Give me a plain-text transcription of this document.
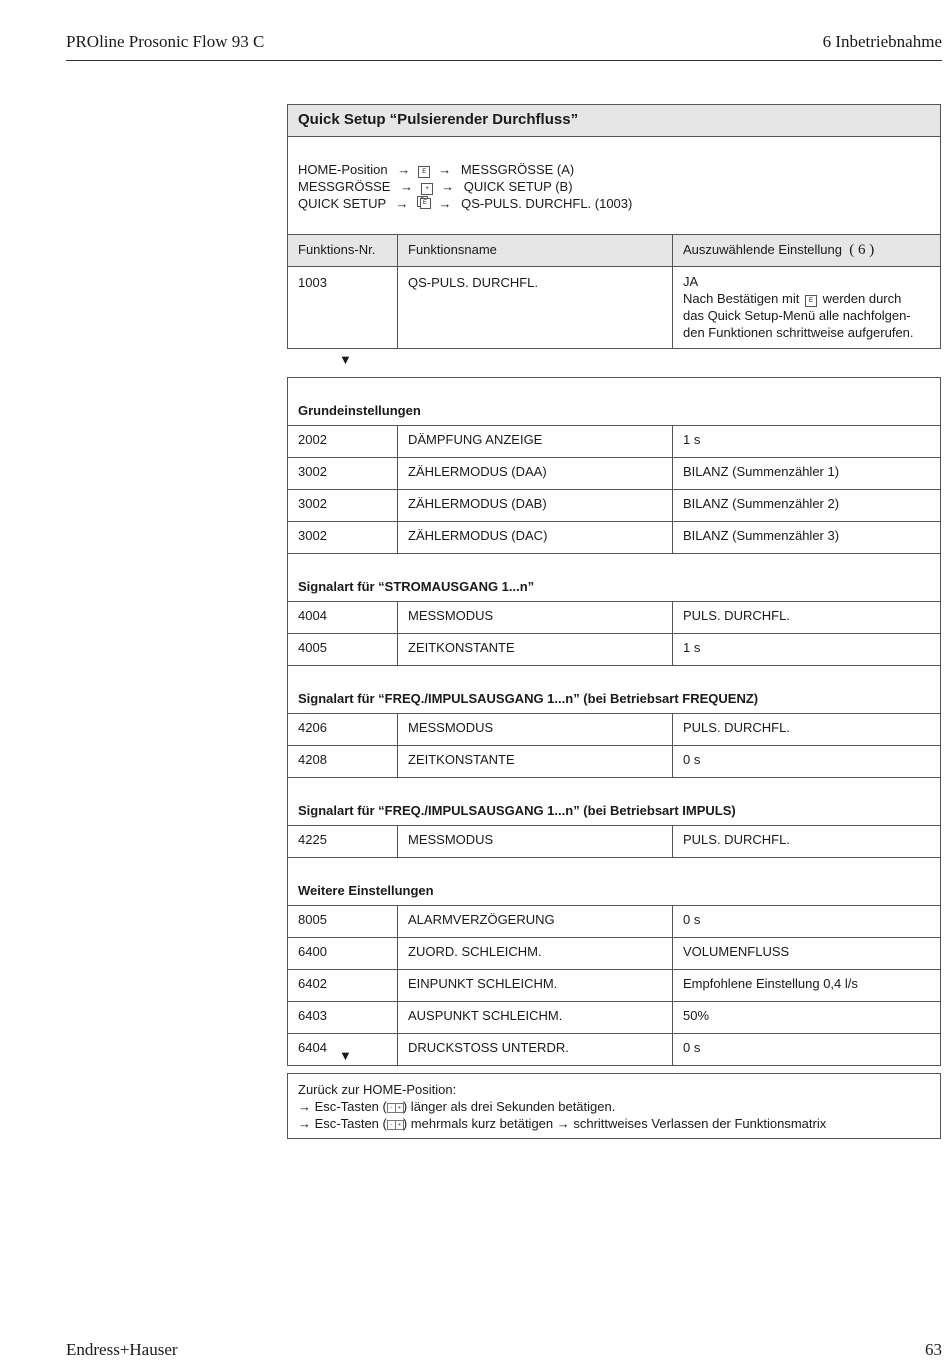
PROline Prosonic Flow 93 C	6 Inbetriebnahme
Quick Setup “Pulsierender Durchfluss”
HOME-Position → E → MESSGRÖSSE (A)
MESSGRÖSSE → + → QUICK SETUP (B)
QUICK SETUP →	E → QS-PULS. DURCHFL. (1003)
Funktions-Nr.	Funktionsname	Auszuwählende Einstellung ( 6 )
1003	QS-PULS. DURCHFL.	JA
Nach Bestätigen mit E werden durch
das Quick Setup-Menü alle nachfolgen-
den Funktionen schrittweise aufgerufen.
▼
Grundeinstellungen
2002	DÄMPFUNG ANZEIGE	1 s
3002	ZÄHLERMODUS (DAA)	BILANZ (Summenzähler 1)
3002	ZÄHLERMODUS (DAB)	BILANZ (Summenzähler 2)
3002	ZÄHLERMODUS (DAC)	BILANZ (Summenzähler 3)
Signalart für “STROMAUSGANG 1...n”
4004	MESSMODUS	PULS. DURCHFL.
4005	ZEITKONSTANTE	1 s
Signalart für “FREQ./IMPULSAUSGANG 1...n” (bei Betriebsart FREQUENZ)
4206	MESSMODUS	PULS. DURCHFL.
4208	ZEITKONSTANTE	0 s
Signalart für “FREQ./IMPULSAUSGANG 1...n” (bei Betriebsart IMPULS)
4225	MESSMODUS	PULS. DURCHFL.
Weitere Einstellungen
8005	ALARMVERZÖGERUNG	0 s
6400	ZUORD. SCHLEICHM.	VOLUMENFLUSS
6402	EINPUNKT SCHLEICHM.	Empfohlene Einstellung 0,4 l/s
6403	AUSPUNKT SCHLEICHM.	50%
6404	DRUCKSTOSS UNTERDR.	0 s
▼
Zurück zur HOME-Position:
→ Esc-Tasten ( -	+ ) länger als drei Sekunden betätigen.
→ Esc-Tasten ( -	+ ) mehrmals kurz betätigen → schrittweises Verlassen der Funktionsmatrix
Endress+Hauser	63
